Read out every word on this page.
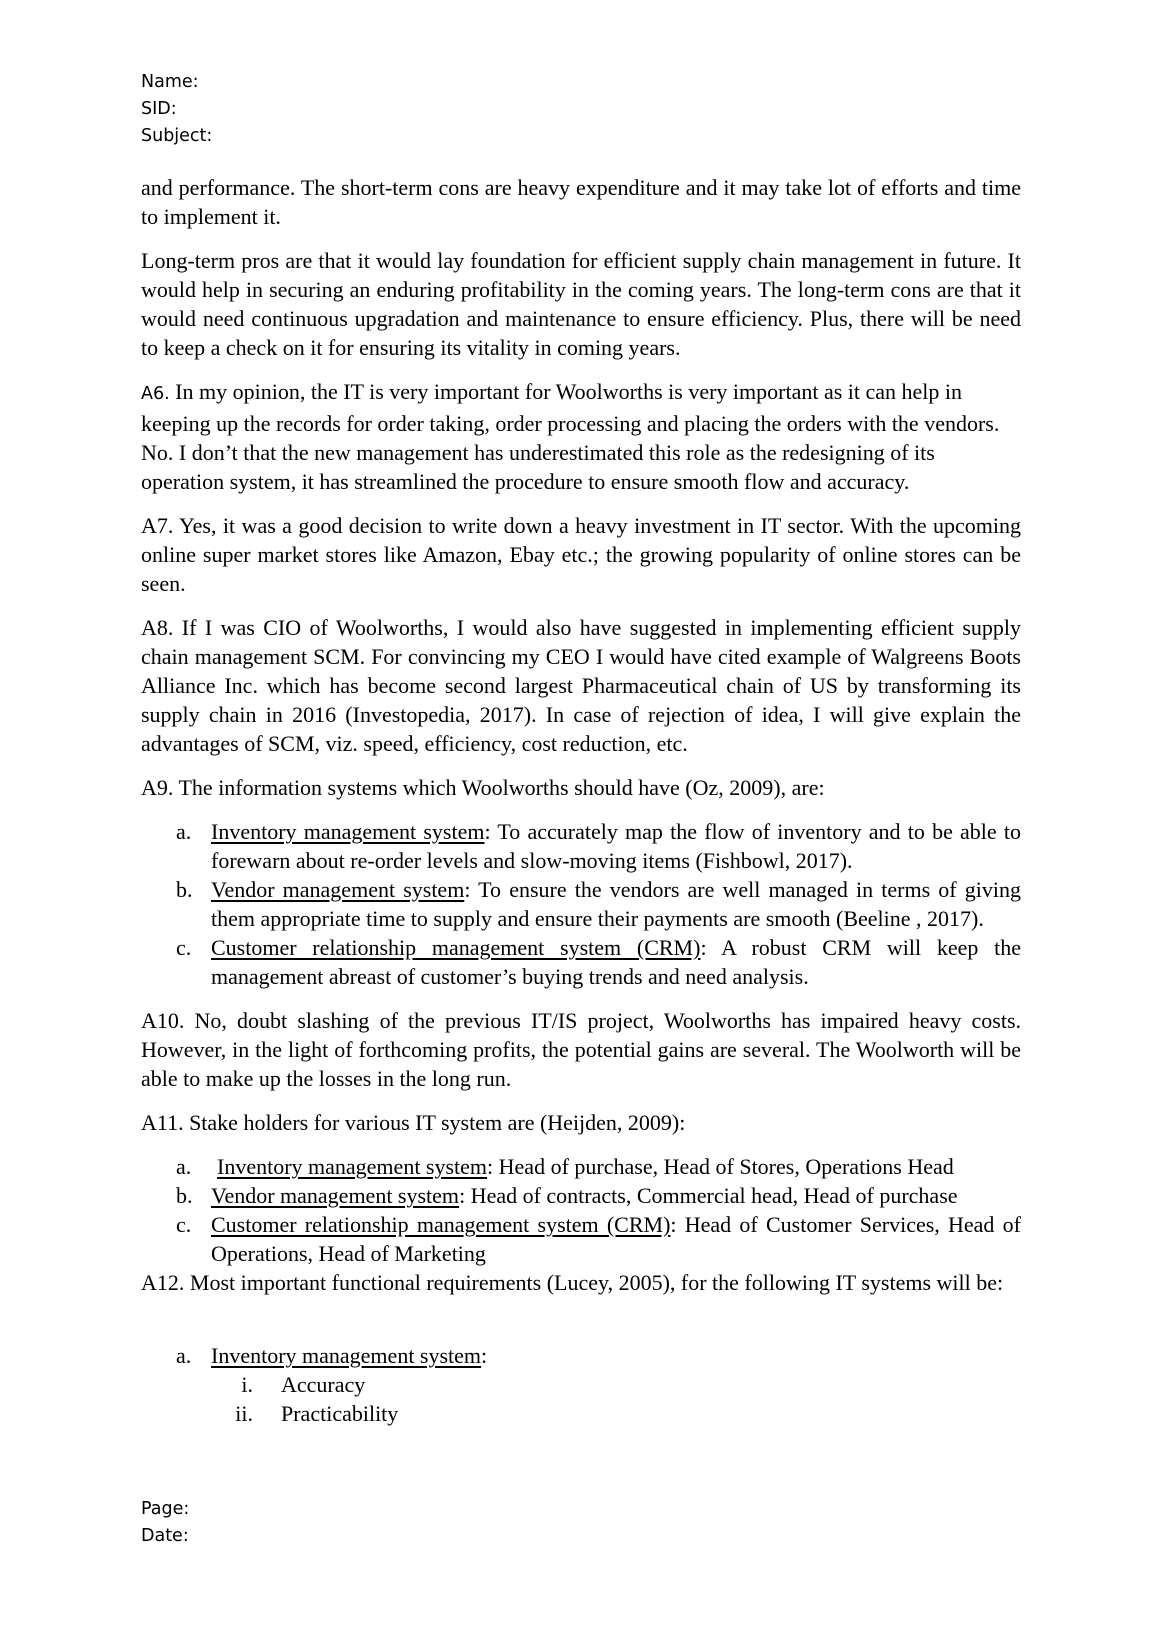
Name:
SID:
Subject:

and performance. The short-term cons are heavy expenditure and it may take lot of efforts and time to implement it.

Long-term pros are that it would lay foundation for efficient supply chain management in future. It would help in securing an enduring profitability in the coming years. The long-term cons are that it would need continuous upgradation and maintenance to ensure efficiency. Plus, there will be need to keep a check on it for ensuring its vitality in coming years.

A6. In my opinion, the IT is very important for Woolworths is very important as it can help in keeping up the records for order taking, order processing and placing the orders with the vendors. No. I don’t that the new management has underestimated this role as the redesigning of its operation system, it has streamlined the procedure to ensure smooth flow and accuracy.

A7. Yes, it was a good decision to write down a heavy investment in IT sector. With the upcoming online super market stores like Amazon, Ebay etc.; the growing popularity of online stores can be seen.

A8. If I was CIO of Woolworths, I would also have suggested in implementing efficient supply chain management SCM. For convincing my CEO I would have cited example of Walgreens Boots Alliance Inc. which has become second largest Pharmaceutical chain of US by transforming its supply chain in 2016 (Investopedia, 2017). In case of rejection of idea, I will give explain the advantages of SCM, viz. speed, efficiency, cost reduction, etc.

A9. The information systems which Woolworths should have (Oz, 2009), are:

a. Inventory management system: To accurately map the flow of inventory and to be able to forewarn about re-order levels and slow-moving items (Fishbowl, 2017).
b. Vendor management system: To ensure the vendors are well managed in terms of giving them appropriate time to supply and ensure their payments are smooth (Beeline , 2017).
c. Customer relationship management system (CRM): A robust CRM will keep the management abreast of customer’s buying trends and need analysis.

A10. No, doubt slashing of the previous IT/IS project, Woolworths has impaired heavy costs. However, in the light of forthcoming profits, the potential gains are several. The Woolworth will be able to make up the losses in the long run.

A11. Stake holders for various IT system are (Heijden, 2009):

a. Inventory management system: Head of purchase, Head of Stores, Operations Head
b. Vendor management system: Head of contracts, Commercial head, Head of purchase
c. Customer relationship management system (CRM): Head of Customer Services, Head of Operations, Head of Marketing

A12. Most important functional requirements (Lucey, 2005), for the following IT systems will be:

a. Inventory management system:
i. Accuracy
ii. Practicability
Page:
Date:
